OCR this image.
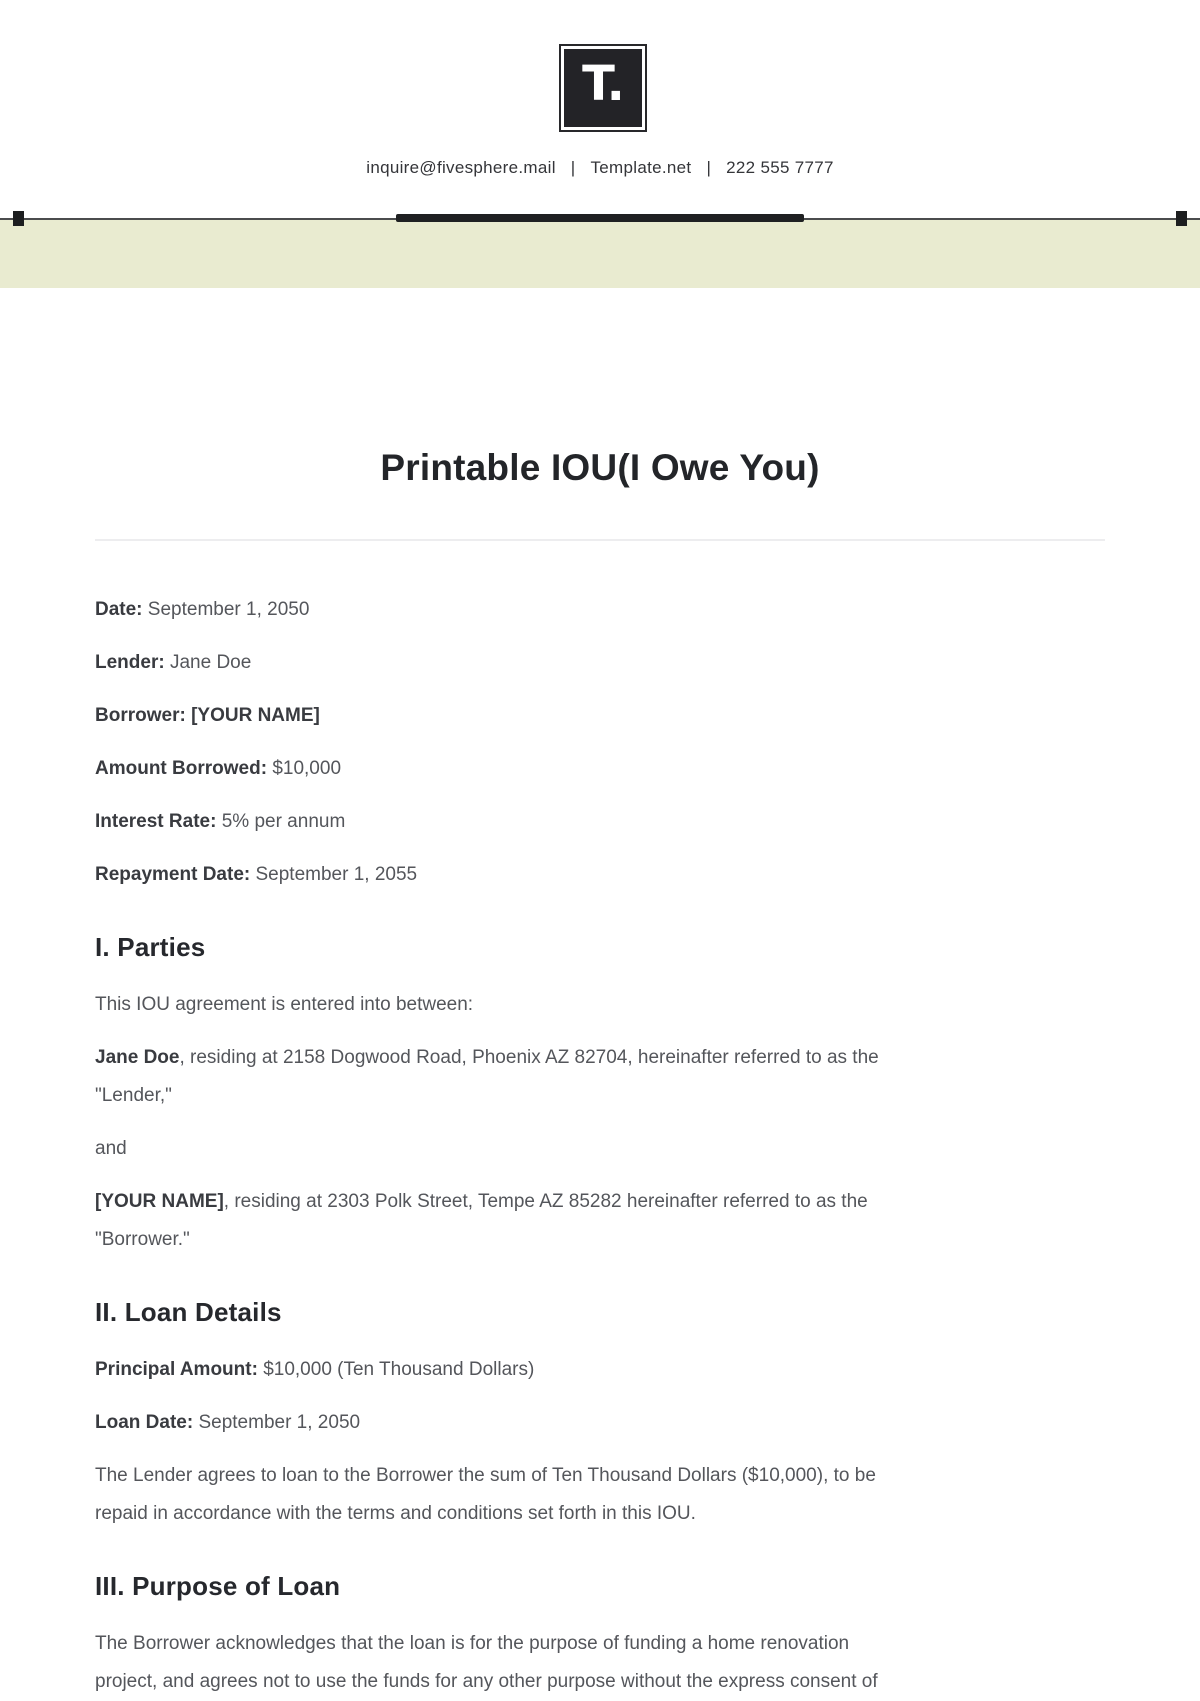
T.
inquire@fivesphere.mail | Template.net | 222 555 7777
Printable IOU(I Owe You)

Date: September 1, 2050

Lender: Jane Doe

Borrower: [YOUR NAME]

Amount Borrowed: $10,000

Interest Rate: 5% per annum

Repayment Date: September 1, 2055

I. Parties

This IOU agreement is entered into between:

Jane Doe, residing at 2158 Dogwood Road, Phoenix AZ 82704, hereinafter referred to as the
"Lender,"

and

[YOUR NAME], residing at 2303 Polk Street, Tempe AZ 85282 hereinafter referred to as the
"Borrower."

II. Loan Details

Principal Amount: $10,000 (Ten Thousand Dollars)

Loan Date: September 1, 2050

The Lender agrees to loan to the Borrower the sum of Ten Thousand Dollars ($10,000), to be
repaid in accordance with the terms and conditions set forth in this IOU.

III. Purpose of Loan

The Borrower acknowledges that the loan is for the purpose of funding a home renovation
project, and agrees not to use the funds for any other purpose without the express consent of
